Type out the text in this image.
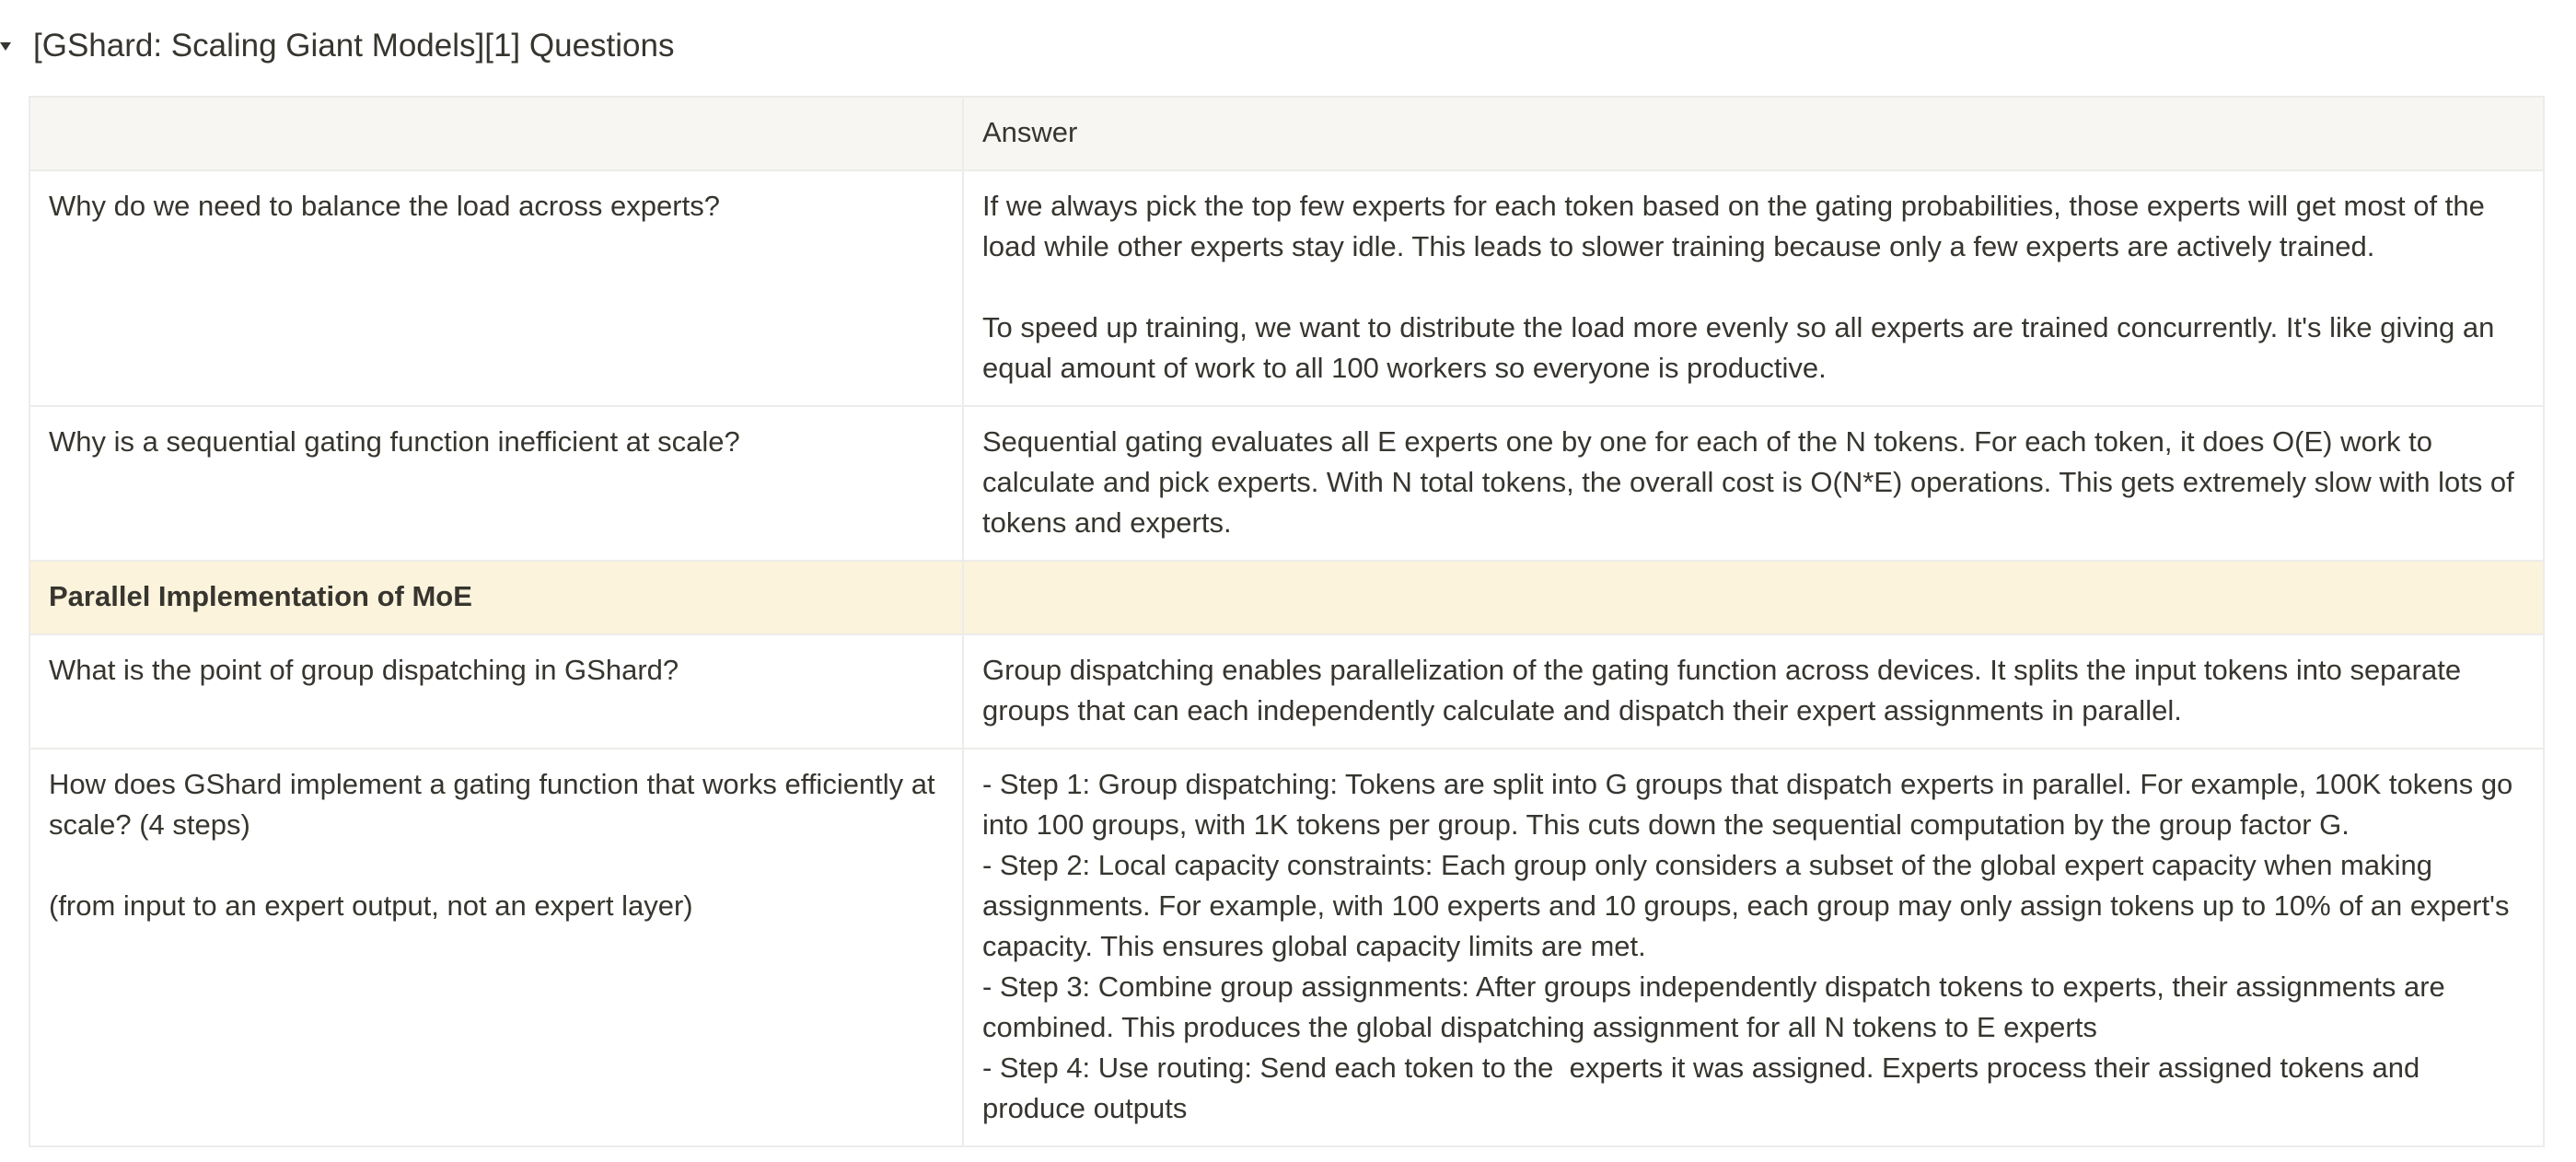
[GShard: Scaling Giant Models][1] Questions
	Answer
Why do we need to balance the load across experts?	If we always pick the top few experts for each token based on the gating probabilities, those experts will get most of the load while other experts stay idle. This leads to slower training because only a few experts are actively trained.

To speed up training, we want to distribute the load more evenly so all experts are trained concurrently. It's like giving an equal amount of work to all 100 workers so everyone is productive.
Why is a sequential gating function inefficient at scale?	Sequential gating evaluates all E experts one by one for each of the N tokens. For each token, it does O(E) work to calculate and pick experts. With N total tokens, the overall cost is O(N*E) operations. This gets extremely slow with lots of tokens and experts.
Parallel Implementation of MoE	
What is the point of group dispatching in GShard?	Group dispatching enables parallelization of the gating function across devices. It splits the input tokens into separate groups that can each independently calculate and dispatch their expert assignments in parallel.
How does GShard implement a gating function that works efficiently at scale? (4 steps)

(from input to an expert output, not an expert layer)	- Step 1: Group dispatching: Tokens are split into G groups that dispatch experts in parallel. For example, 100K tokens go into 100 groups, with 1K tokens per group. This cuts down the sequential computation by the group factor G.
- Step 2: Local capacity constraints: Each group only considers a subset of the global expert capacity when making assignments. For example, with 100 experts and 10 groups, each group may only assign tokens up to 10% of an expert's capacity. This ensures global capacity limits are met.
- Step 3: Combine group assignments: After groups independently dispatch tokens to experts, their assignments are combined. This produces the global dispatching assignment for all N tokens to E experts
- Step 4: Use routing: Send each token to the  experts it was assigned. Experts process their assigned tokens and produce outputs
